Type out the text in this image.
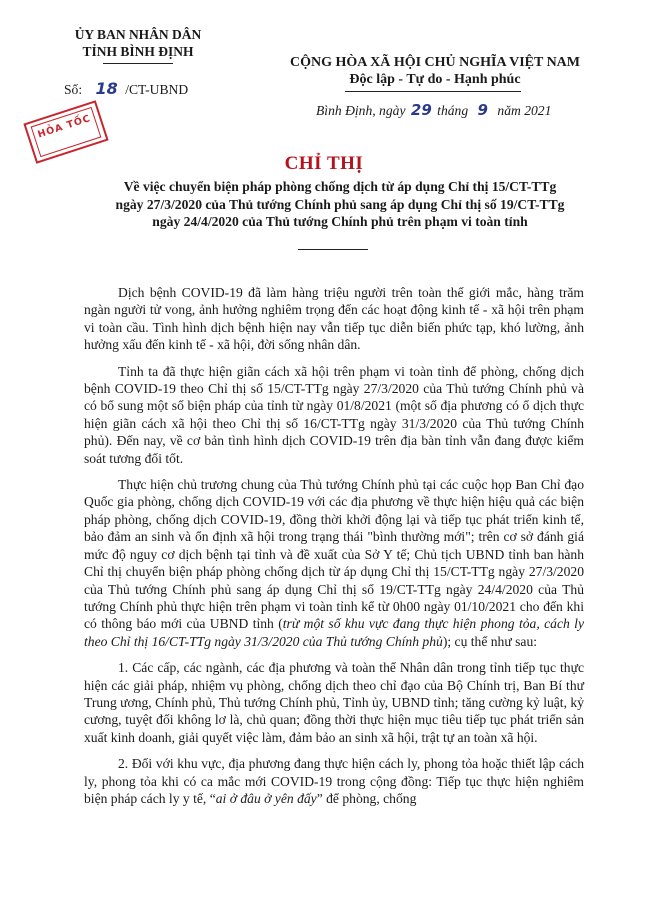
ỦY BAN NHÂN DÂN
TỈNH BÌNH ĐỊNH
Số: 18 /CT-UBND
HỎA TỐC
CỘNG HÒA XÃ HỘI CHỦ NGHĨA VIỆT NAM
Độc lập - Tự do - Hạnh phúc
Bình Định, ngày 29 tháng 9 năm 2021
CHỈ THỊ
Về việc chuyển biện pháp phòng chống dịch từ áp dụng Chỉ thị 15/CT-TTg
ngày 27/3/2020 của Thủ tướng Chính phủ sang áp dụng Chỉ thị số 19/CT-TTg
ngày 24/4/2020 của Thủ tướng Chính phủ trên phạm vi toàn tỉnh

Dịch bệnh COVID-19 đã làm hàng triệu người trên toàn thế giới mắc, hàng trăm ngàn người tử vong, ảnh hưởng nghiêm trọng đến các hoạt động kinh tế - xã hội trên phạm vi toàn cầu. Tình hình dịch bệnh hiện nay vẫn tiếp tục diễn biến phức tạp, khó lường, ảnh hưởng xấu đến kinh tế - xã hội, đời sống nhân dân.

Tỉnh ta đã thực hiện giãn cách xã hội trên phạm vi toàn tỉnh để phòng, chống dịch bệnh COVID-19 theo Chỉ thị số 15/CT-TTg ngày 27/3/2020 của Thủ tướng Chính phủ và có bổ sung một số biện pháp của tỉnh từ ngày 01/8/2021 (một số địa phương có ổ dịch thực hiện giãn cách xã hội theo Chỉ thị số 16/CT-TTg ngày 31/3/2020 của Thủ tướng Chính phủ). Đến nay, về cơ bản tình hình dịch COVID-19 trên địa bàn tỉnh vẫn đang được kiểm soát tương đối tốt.

Thực hiện chủ trương chung của Thủ tướng Chính phủ tại các cuộc họp Ban Chỉ đạo Quốc gia phòng, chống dịch COVID-19 với các địa phương về thực hiện hiệu quả các biện pháp phòng, chống dịch COVID-19, đồng thời khởi động lại và tiếp tục phát triển kinh tế, bảo đảm an sinh và ổn định xã hội trong trạng thái "bình thường mới"; trên cơ sở đánh giá mức độ nguy cơ dịch bệnh tại tỉnh và đề xuất của Sở Y tế; Chủ tịch UBND tỉnh ban hành Chỉ thị chuyển biện pháp phòng chống dịch từ áp dụng Chỉ thị 15/CT-TTg ngày 27/3/2020 của Thủ tướng Chính phủ sang áp dụng Chỉ thị số 19/CT-TTg ngày 24/4/2020 của Thủ tướng Chính phủ thực hiện trên phạm vi toàn tỉnh kể từ 0h00 ngày 01/10/2021 cho đến khi có thông báo mới của UBND tỉnh (trừ một số khu vực đang thực hiện phong tỏa, cách ly theo Chỉ thị 16/CT-TTg ngày 31/3/2020 của Thủ tướng Chính phủ); cụ thể như sau:

1. Các cấp, các ngành, các địa phương và toàn thể Nhân dân trong tỉnh tiếp tục thực hiện các giải pháp, nhiệm vụ phòng, chống dịch theo chỉ đạo của Bộ Chính trị, Ban Bí thư Trung ương, Chính phủ, Thủ tướng Chính phủ, Tỉnh ủy, UBND tỉnh; tăng cường kỷ luật, kỷ cương, tuyệt đối không lơ là, chủ quan; đồng thời thực hiện mục tiêu tiếp tục phát triển sản xuất kinh doanh, giải quyết việc làm, đảm bảo an sinh xã hội, trật tự an toàn xã hội.

2. Đối với khu vực, địa phương đang thực hiện cách ly, phong tỏa hoặc thiết lập cách ly, phong tỏa khi có ca mắc mới COVID-19 trong cộng đồng: Tiếp tục thực hiện nghiêm biện pháp cách ly y tế, “ai ở đâu ở yên đấy” để phòng, chống
